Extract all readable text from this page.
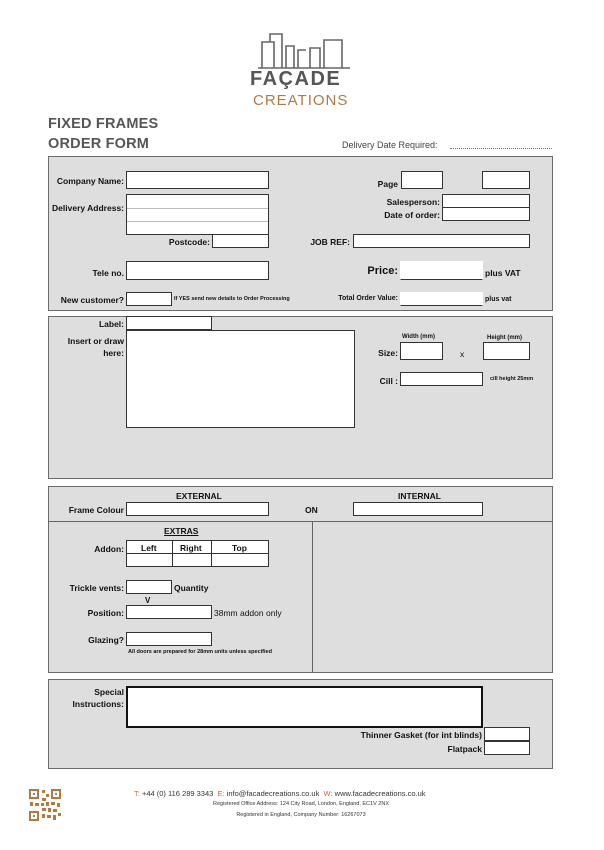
FAÇADE
CREATIONS
FIXED FRAMES
ORDER FORM	Delivery Date Required:
Company Name:
Delivery Address:
Postcode:
Tele no.
New customer?	If YES send new details to Order Processing
Page
Salesperson:
Date of order:
JOB REF:
Price:	plus VAT
Total Order Value:	plus vat
Label:
Insert or draw
here:
Width (mm)	Height (mm)
Size:	x
Cill :	cill height 25mm
EXTERNAL	INTERNAL
Frame Colour	ON
EXTRAS
Addon: Left	Right	Top
Trickle vents:	Quantity
V
Position:	38mm addon only
Glazing?
All doors are prepared for 28mm units unless specified
Special
Instructions:
Thinner Gasket (for int blinds)
Flatpack
T: +44 (0) 116 289 3343 E: info@facadecreations.co.uk W: www.facadecreations.co.uk
Registered Office Address: 124 City Road, London, England, EC1V 2NX
Registered in England, Company Number: 16267073
